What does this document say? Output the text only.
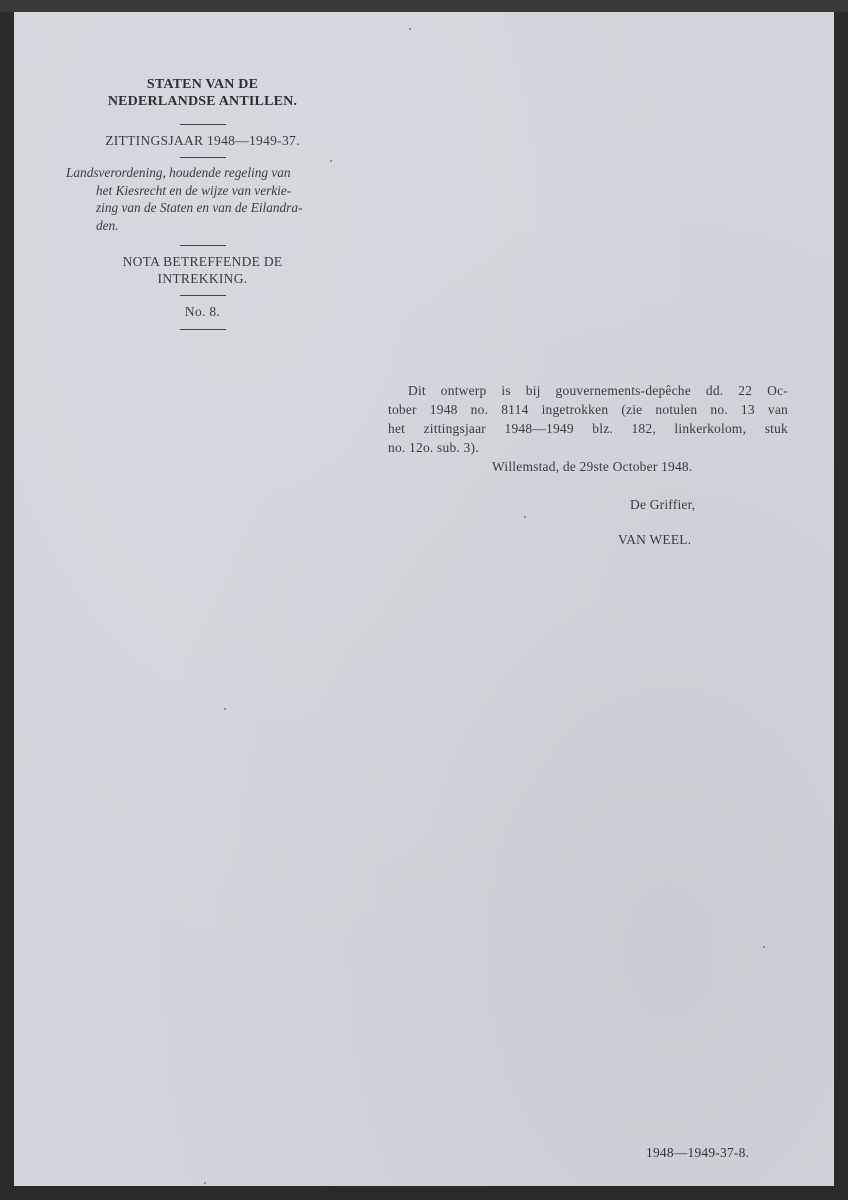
STATEN VAN DE
NEDERLANDSE ANTILLEN.
ZITTINGSJAAR 1948—1949-37.
Landsverordening, houdende regeling van
het Kiesrecht en de wijze van verkie-
zing van de Staten en van de Eilandra-
den.
NOTA BETREFFENDE DE
INTREKKING.
No. 8.
Dit ontwerp is bij gouvernements-depêche dd. 22 Oc-
tober 1948 no. 8114 ingetrokken (zie notulen no. 13 van
het zittingsjaar 1948—1949 blz. 182, linkerkolom, stuk
no. 12o. sub. 3).
Willemstad, de 29ste October 1948.
De Griffier,
VAN WEEL.
1948—1949-37-8.
